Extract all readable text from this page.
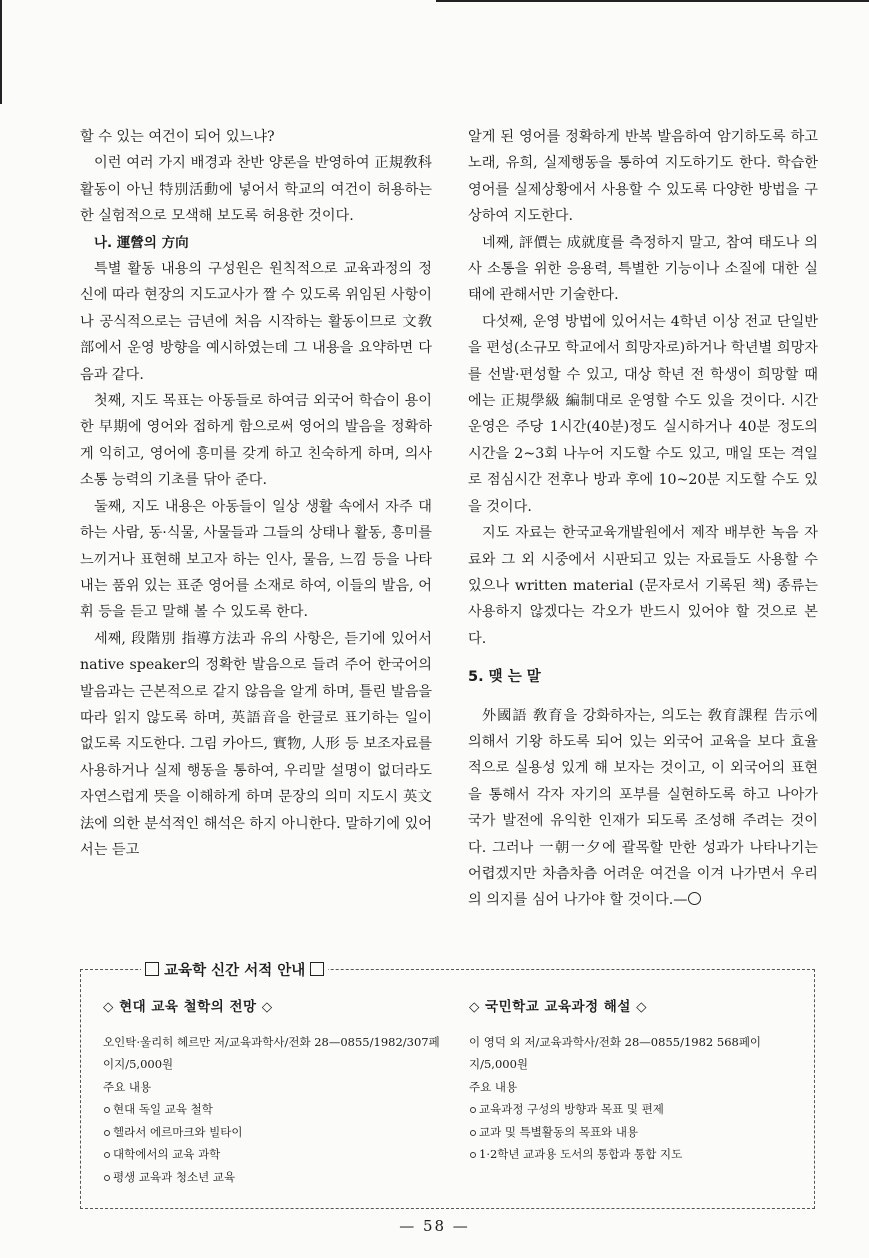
할 수 있는 여건이 되어 있느냐?

이런 여러 가지 배경과 찬반 양론을 반영하여 正規敎科 활동이 아닌 特別活動에 넣어서 학교의 여건이 허용하는 한 실험적으로 모색해 보도록 허용한 것이다.

나. 運營의 方向

특별 활동 내용의 구성원은 원칙적으로 교육과정의 정신에 따라 현장의 지도교사가 짤 수 있도록 위임된 사항이나 공식적으로는 금년에 처음 시작하는 활동이므로 文敎部에서 운영 방향을 예시하였는데 그 내용을 요약하면 다음과 같다.

첫째, 지도 목표는 아동들로 하여금 외국어 학습이 용이한 早期에 영어와 접하게 함으로써 영어의 발음을 정확하게 익히고, 영어에 흥미를 갖게 하고 친숙하게 하며, 의사 소통 능력의 기초를 닦아 준다.

둘째, 지도 내용은 아동들이 일상 생활 속에서 자주 대하는 사람, 동·식물, 사물들과 그들의 상태나 활동, 흥미를 느끼거나 표현해 보고자 하는 인사, 물음, 느낌 등을 나타내는 품위 있는 표준 영어를 소재로 하여, 이들의 발음, 어휘 등을 듣고 말해 볼 수 있도록 한다.

세째, 段階別 指導方法과 유의 사항은, 듣기에 있어서 native speaker의 정확한 발음으로 들려 주어 한국어의 발음과는 근본적으로 같지 않음을 알게 하며, 틀린 발음을 따라 읽지 않도록 하며, 英語音을 한글로 표기하는 일이 없도록 지도한다. 그림 카아드, 實物, 人形 등 보조자료를 사용하거나 실제 행동을 통하여, 우리말 설명이 없더라도 자연스럽게 뜻을 이해하게 하며 문장의 의미 지도시 英文法에 의한 분석적인 해석은 하지 아니한다. 말하기에 있어서는 듣고

알게 된 영어를 정확하게 반복 발음하여 암기하도록 하고 노래, 유희, 실제행동을 통하여 지도하기도 한다. 학습한 영어를 실제상황에서 사용할 수 있도록 다양한 방법을 구상하여 지도한다.

네째, 評價는 成就度를 측정하지 말고, 참여 태도나 의사 소통을 위한 응용력, 특별한 기능이나 소질에 대한 실태에 관해서만 기술한다.

다섯째, 운영 방법에 있어서는 4학년 이상 전교 단일반을 편성(소규모 학교에서 희망자로)하거나 학년별 희망자를 선발·편성할 수 있고, 대상 학년 전 학생이 희망할 때에는 正規學級 編制대로 운영할 수도 있을 것이다. 시간 운영은 주당 1시간(40분)정도 실시하거나 40분 정도의 시간을 2~3회 나누어 지도할 수도 있고, 매일 또는 격일로 점심시간 전후나 방과 후에 10~20분 지도할 수도 있을 것이다.

지도 자료는 한국교육개발원에서 제작 배부한 녹음 자료와 그 외 시중에서 시판되고 있는 자료들도 사용할 수 있으나 written material (문자로서 기록된 책) 종류는 사용하지 않겠다는 각오가 반드시 있어야 할 것으로 본다.

5. 맺 는 말

外國語 敎育을 강화하자는, 의도는 敎育課程 告示에 의해서 기왕 하도록 되어 있는 외국어 교육을 보다 효율적으로 실용성 있게 해 보자는 것이고, 이 외국어의 표현을 통해서 각자 자기의 포부를 실현하도록 하고 나아가 국가 발전에 유익한 인재가 되도록 조성해 주려는 것이다. 그러나 一朝一夕에 괄목할 만한 성과가 나타나기는 어렵겠지만 차츰차츰 어려운 여건을 이겨 나가면서 우리의 의지를 심어 나가야 할 것이다.—

교육학 신간 서적 안내
◇ 현대 교육 철학의 전망 ◇

오인탁·울리히 헤르만 저/교육과학사/전화 28—0855/1982/307페이지/5,000원

주요 내용

현대 독일 교육 철학
헬라서 에르마크와 빌타이
대학에서의 교육 과학
평생 교육과 청소년 교육
◇ 국민학교 교육과정 해설 ◇

이 영덕 외 저/교육과학사/전화 28—0855/1982 568페이지/5,000원

주요 내용

교육과정 구성의 방향과 목표 및 편제
교과 및 특별활동의 목표와 내용
1·2학년 교과용 도서의 통합과 통합 지도
— 58 —
